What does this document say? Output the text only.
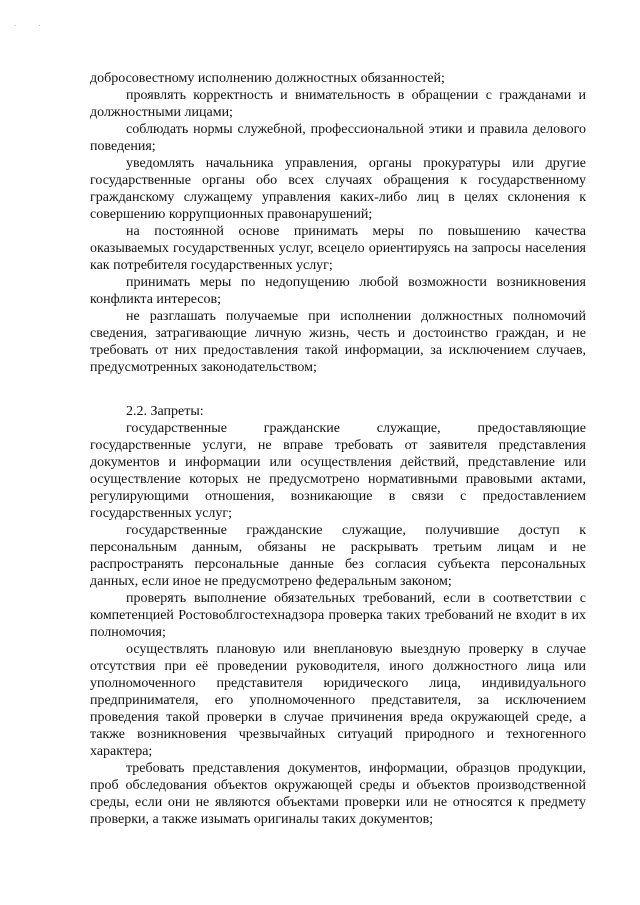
· ·

добросовестному исполнению должностных обязанностей;

проявлять корректность и внимательность в обращении с гражданами и должностными лицами;

соблюдать нормы служебной, профессиональной этики и правила делового поведения;

уведомлять начальника управления, органы прокуратуры или другие государственные органы обо всех случаях обращения к государственному гражданскому служащему управления каких-либо лиц в целях склонения к совершению коррупционных правонарушений;

на постоянной основе принимать меры по повышению качества оказываемых государственных услуг, всецело ориентируясь на запросы населения как потребителя государственных услуг;

принимать меры по недопущению любой возможности возникновения конфликта интересов;

не разглашать получаемые при исполнении должностных полномочий сведения, затрагивающие личную жизнь, честь и достоинство граждан, и не требовать от них предоставления такой информации, за исключением случаев, предусмотренных законодательством;

2.2. Запреты:

государственные гражданские служащие, предоставляющие государственные услуги, не вправе требовать от заявителя представления документов и информации или осуществления действий, представление или осуществление которых не предусмотрено нормативными правовыми актами, регулирующими отношения, возникающие в связи с предоставлением государственных услуг;

государственные гражданские служащие, получившие доступ к персональным данным, обязаны не раскрывать третьим лицам и не распространять персональные данные без согласия субъекта персональных данных, если иное не предусмотрено федеральным законом;

проверять выполнение обязательных требований, если в соответствии с компетенцией Ростовоблгостехнадзора проверка таких требований не входит в их полномочия;

осуществлять плановую или внеплановую выездную проверку в случае отсутствия при её проведении руководителя, иного должностного лица или уполномоченного представителя юридического лица, индивидуального предпринимателя, его уполномоченного представителя, за исключением проведения такой проверки в случае причинения вреда окружающей среде, а также возникновения чрезвычайных ситуаций природного и техногенного характера;

требовать представления документов, информации, образцов продукции, проб обследования объектов окружающей среды и объектов производственной среды, если они не являются объектами проверки или не относятся к предмету проверки, а также изымать оригиналы таких документов;
